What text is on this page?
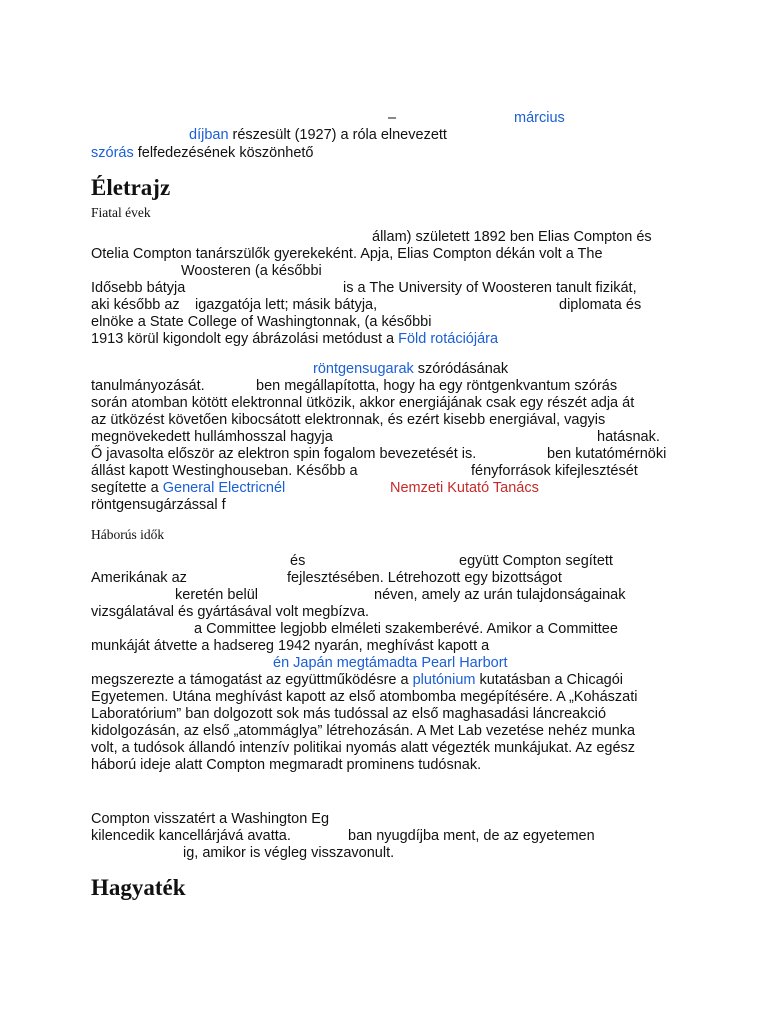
–

	március

díjban részesült (1927) a róla elnevezett

szórás felfedezésének köszönhető

Életrajz
Fiatal évek
állam) született 1892 ben Elias Compton és
Otelia Compton tanárszülők gyerekeként. Apja, Elias Compton dékán volt a The
Woosteren (a későbbi

Idősebb bátyja

	is a The University of Woosteren tanult fizikát,

aki később az

igazgatója lett; másik bátyja,

	diplomata és

elnöke a State College of Washingtonnak, (a későbbi

1913 körül kigondolt egy ábrázolási metódust a Föld rotációjára

röntgensugarak szóródásának

tanulmányozását.

	ben megállapította, hogy ha egy röntgenkvantum szórás

során atomban kötött elektronnal ütközik, akkor energiájának csak egy részét adja át
az ütközést követően kibocsátott elektronnak, és ezért kisebb energiával, vagyis

megnövekedett hullámhosszal hagyja

	hatásnak.

Ő javasolta először az elektron spin fogalom bevezetését is.

	ben kutatómérnöki

állást kapott Westinghouseban. Később a

	fényforrások kifejlesztését

segítette a General Electricnél

	Nemzeti Kutató Tanács

röntgensugárzással f
Háborús idők

és

	együtt Compton segített

Amerikának az

	fejlesztésében. Létrehozott egy bizottságot

keretén belül

	néven, amely az urán tulajdonságainak

vizsgálatával és gyártásával volt megbízva.
a Committee legjobb elméleti szakemberévé. Amikor a Committee
munkáját átvette a hadsereg 1942 nyarán, meghívást kapott a
én Japán megtámadta Pearl Harbort

megszerezte a támogatást az együttműködésre a plutónium kutatásban a Chicagói

Egyetemen. Utána meghívást kapott az első atombomba megépítésére. A „Kohászati
Laboratórium” ban dolgozott sok más tudóssal az első maghasadási láncreakció
kidolgozásán, az első „atommáglya” létrehozásán. A Met Lab vezetése nehéz munka
volt, a tudósok állandó intenzív politikai nyomás alatt végezték munkájukat. Az egész
háború ideje alatt Compton megmaradt prominens tudósnak.
Compton visszatért a Washington Eg

kilencedik kancellárjává avatta.

	ban nyugdíjba ment, de az egyetemen

ig, amikor is végleg visszavonult.
Hagyaték
